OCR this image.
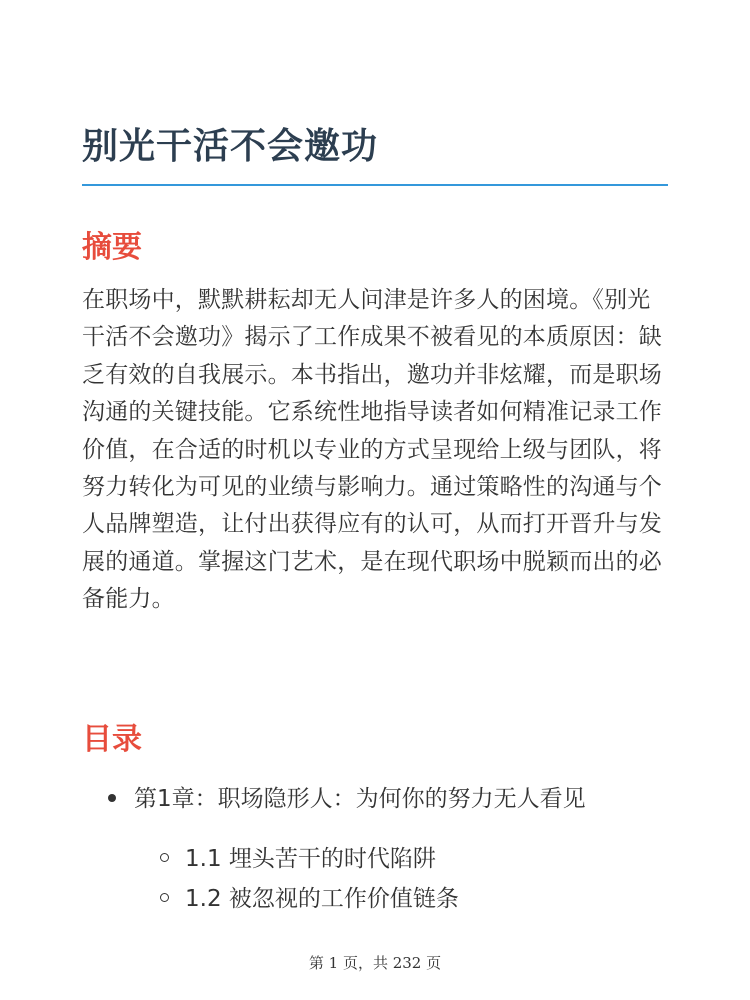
别光干活不会邀功
摘要
在职场中，默默耕耘却无人问津是许多人的困境。《别光干活不会邀功》揭示了工作成果不被看见的本质原因：缺乏有效的自我展示。本书指出，邀功并非炫耀，而是职场沟通的关键技能。它系统性地指导读者如何精准记录工作价值，在合适的时机以专业的方式呈现给上级与团队，将努力转化为可见的业绩与影响力。通过策略性的沟通与个人品牌塑造，让付出获得应有的认可，从而打开晋升与发展的通道。掌握这门艺术，是在现代职场中脱颖而出的必备能力。
目录
第1章：职场隐形人：为何你的努力无人看见
1.1 埋头苦干的时代陷阱
1.2 被忽视的工作价值链条
第 1 页，共 232 页
